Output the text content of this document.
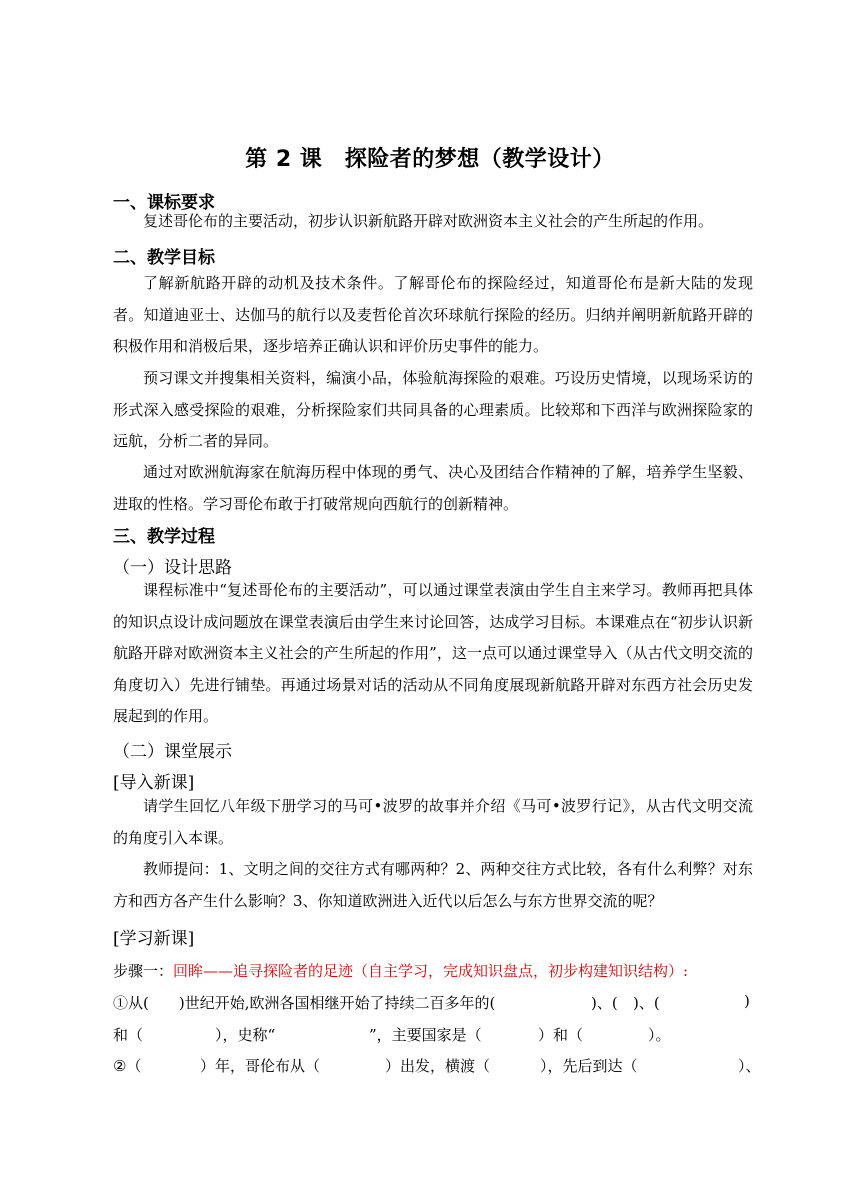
第 2 课　探险者的梦想（教学设计）
一、课标要求
复述哥伦布的主要活动，初步认识新航路开辟对欧洲资本主义社会的产生所起的作用。
二、教学目标
了解新航路开辟的动机及技术条件。了解哥伦布的探险经过，知道哥伦布是新大陆的发现者。知道迪亚士、达伽马的航行以及麦哲伦首次环球航行探险的经历。归纳并阐明新航路开辟的积极作用和消极后果，逐步培养正确认识和评价历史事件的能力。
预习课文并搜集相关资料，编演小品，体验航海探险的艰难。巧设历史情境，以现场采访的形式深入感受探险的艰难，分析探险家们共同具备的心理素质。比较郑和下西洋与欧洲探险家的远航，分析二者的异同。
通过对欧洲航海家在航海历程中体现的勇气、决心及团结合作精神的了解，培养学生坚毅、进取的性格。学习哥伦布敢于打破常规向西航行的创新精神。
三、教学过程
（一）设计思路
课程标准中“复述哥伦布的主要活动”，可以通过课堂表演由学生自主来学习。教师再把具体的知识点设计成问题放在课堂表演后由学生来讨论回答，达成学习目标。本课难点在“初步认识新航路开辟对欧洲资本主义社会的产生所起的作用”，这一点可以通过课堂导入（从古代文明交流的角度切入）先进行铺垫。再通过场景对话的活动从不同角度展现新航路开辟对东西方社会历史发展起到的作用。
（二）课堂展示
[导入新课]
请学生回忆八年级下册学习的马可•波罗的故事并介绍《马可•波罗行记》，从古代文明交流的角度引入本课。
教师提问：1、文明之间的交往方式有哪两种？2、两种交往方式比较，各有什么利弊？对东方和西方各产生什么影响？3、你知道欧洲进入近代以后怎么与东方世界交流的呢？
[学习新课]
步骤一：回眸——追寻探险者的足迹（自主学习，完成知识盘点，初步构建知识结构）:
①从(　　)世纪开始,欧洲各国相继开始了持续二百多年的(	)、( )、(	)
和（	），史称“	”，主要国家是（	）和（	）。
②（	）年，哥伦布从（	）出发，横渡（	），先后到达（	）、
